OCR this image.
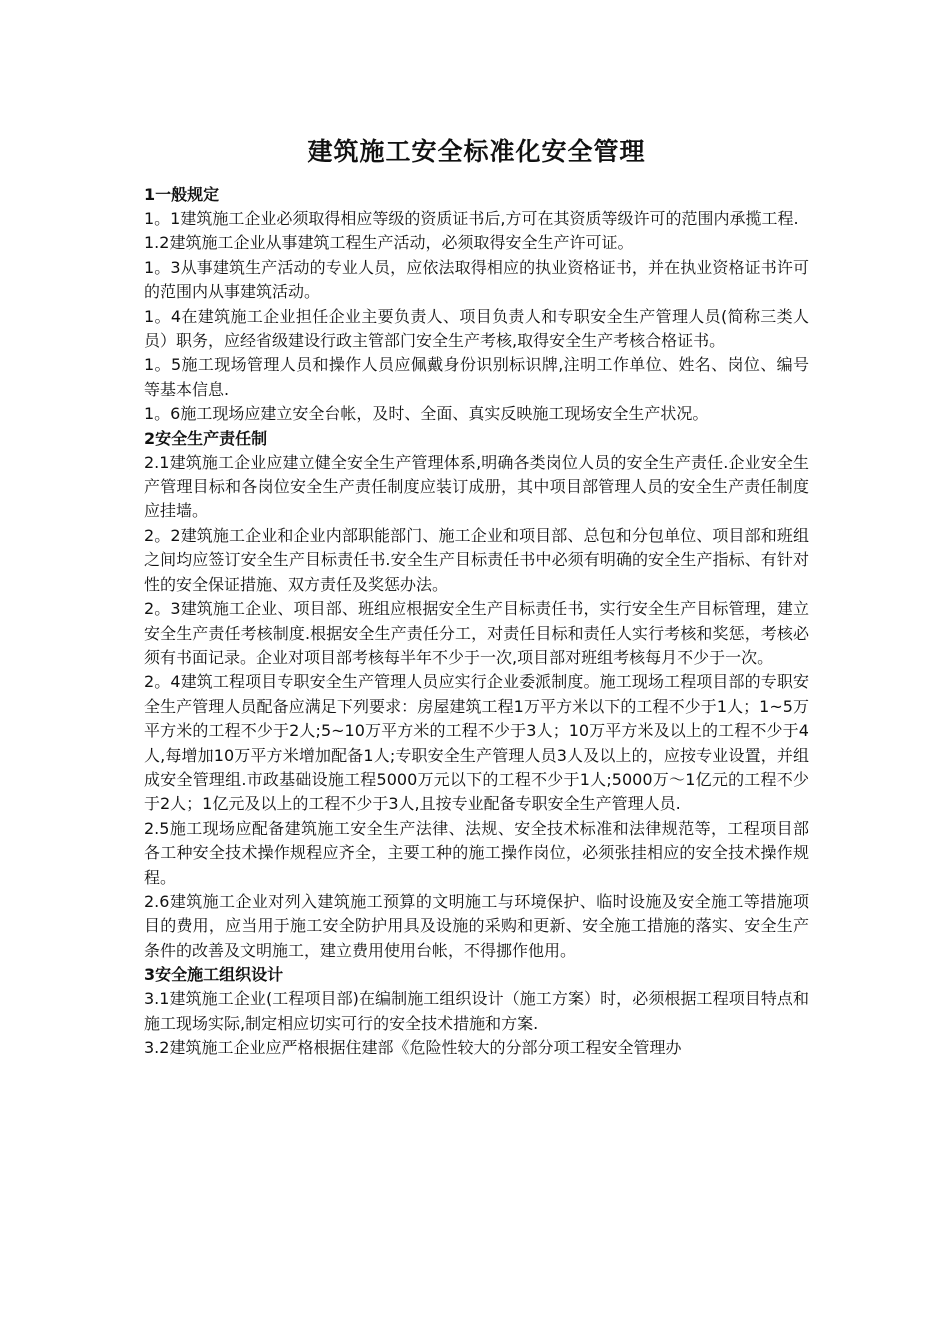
建筑施工安全标准化安全管理
1一般规定

1。1建筑施工企业必须取得相应等级的资质证书后,方可在其资质等级许可的范围内承揽工程.

1.2建筑施工企业从事建筑工程生产活动，必须取得安全生产许可证。

1。3从事建筑生产活动的专业人员，应依法取得相应的执业资格证书，并在执业资格证书许可的范围内从事建筑活动。

1。4在建筑施工企业担任企业主要负责人、项目负责人和专职安全生产管理人员(简称三类人员）职务，应经省级建设行政主管部门安全生产考核,取得安全生产考核合格证书。

1。5施工现场管理人员和操作人员应佩戴身份识别标识牌,注明工作单位、姓名、岗位、编号等基本信息.

1。6施工现场应建立安全台帐，及时、全面、真实反映施工现场安全生产状况。

2安全生产责任制

2.1建筑施工企业应建立健全安全生产管理体系,明确各类岗位人员的安全生产责任.企业安全生产管理目标和各岗位安全生产责任制度应装订成册，其中项目部管理人员的安全生产责任制度应挂墙。

2。2建筑施工企业和企业内部职能部门、施工企业和项目部、总包和分包单位、项目部和班组之间均应签订安全生产目标责任书.安全生产目标责任书中必须有明确的安全生产指标、有针对性的安全保证措施、双方责任及奖惩办法。

2。3建筑施工企业、项目部、班组应根据安全生产目标责任书，实行安全生产目标管理，建立安全生产责任考核制度.根据安全生产责任分工，对责任目标和责任人实行考核和奖惩，考核必须有书面记录。企业对项目部考核每半年不少于一次,项目部对班组考核每月不少于一次。

2。4建筑工程项目专职安全生产管理人员应实行企业委派制度。施工现场工程项目部的专职安全生产管理人员配备应满足下列要求：房屋建筑工程1万平方米以下的工程不少于1人；1~5万平方米的工程不少于2人;5~10万平方米的工程不少于3人；10万平方米及以上的工程不少于4人,每增加10万平方米增加配备1人;专职安全生产管理人员3人及以上的，应按专业设置，并组成安全管理组.市政基础设施工程5000万元以下的工程不少于1人;5000万～1亿元的工程不少于2人；1亿元及以上的工程不少于3人,且按专业配备专职安全生产管理人员.

2.5施工现场应配备建筑施工安全生产法律、法规、安全技术标准和法律规范等，工程项目部各工种安全技术操作规程应齐全，主要工种的施工操作岗位，必须张挂相应的安全技术操作规程。

2.6建筑施工企业对列入建筑施工预算的文明施工与环境保护、临时设施及安全施工等措施项目的费用，应当用于施工安全防护用具及设施的采购和更新、安全施工措施的落实、安全生产条件的改善及文明施工，建立费用使用台帐，不得挪作他用。

3安全施工组织设计

3.1建筑施工企业(工程项目部)在编制施工组织设计（施工方案）时，必须根据工程项目特点和施工现场实际,制定相应切实可行的安全技术措施和方案.

3.2建筑施工企业应严格根据住建部《危险性较大的分部分项工程安全管理办
